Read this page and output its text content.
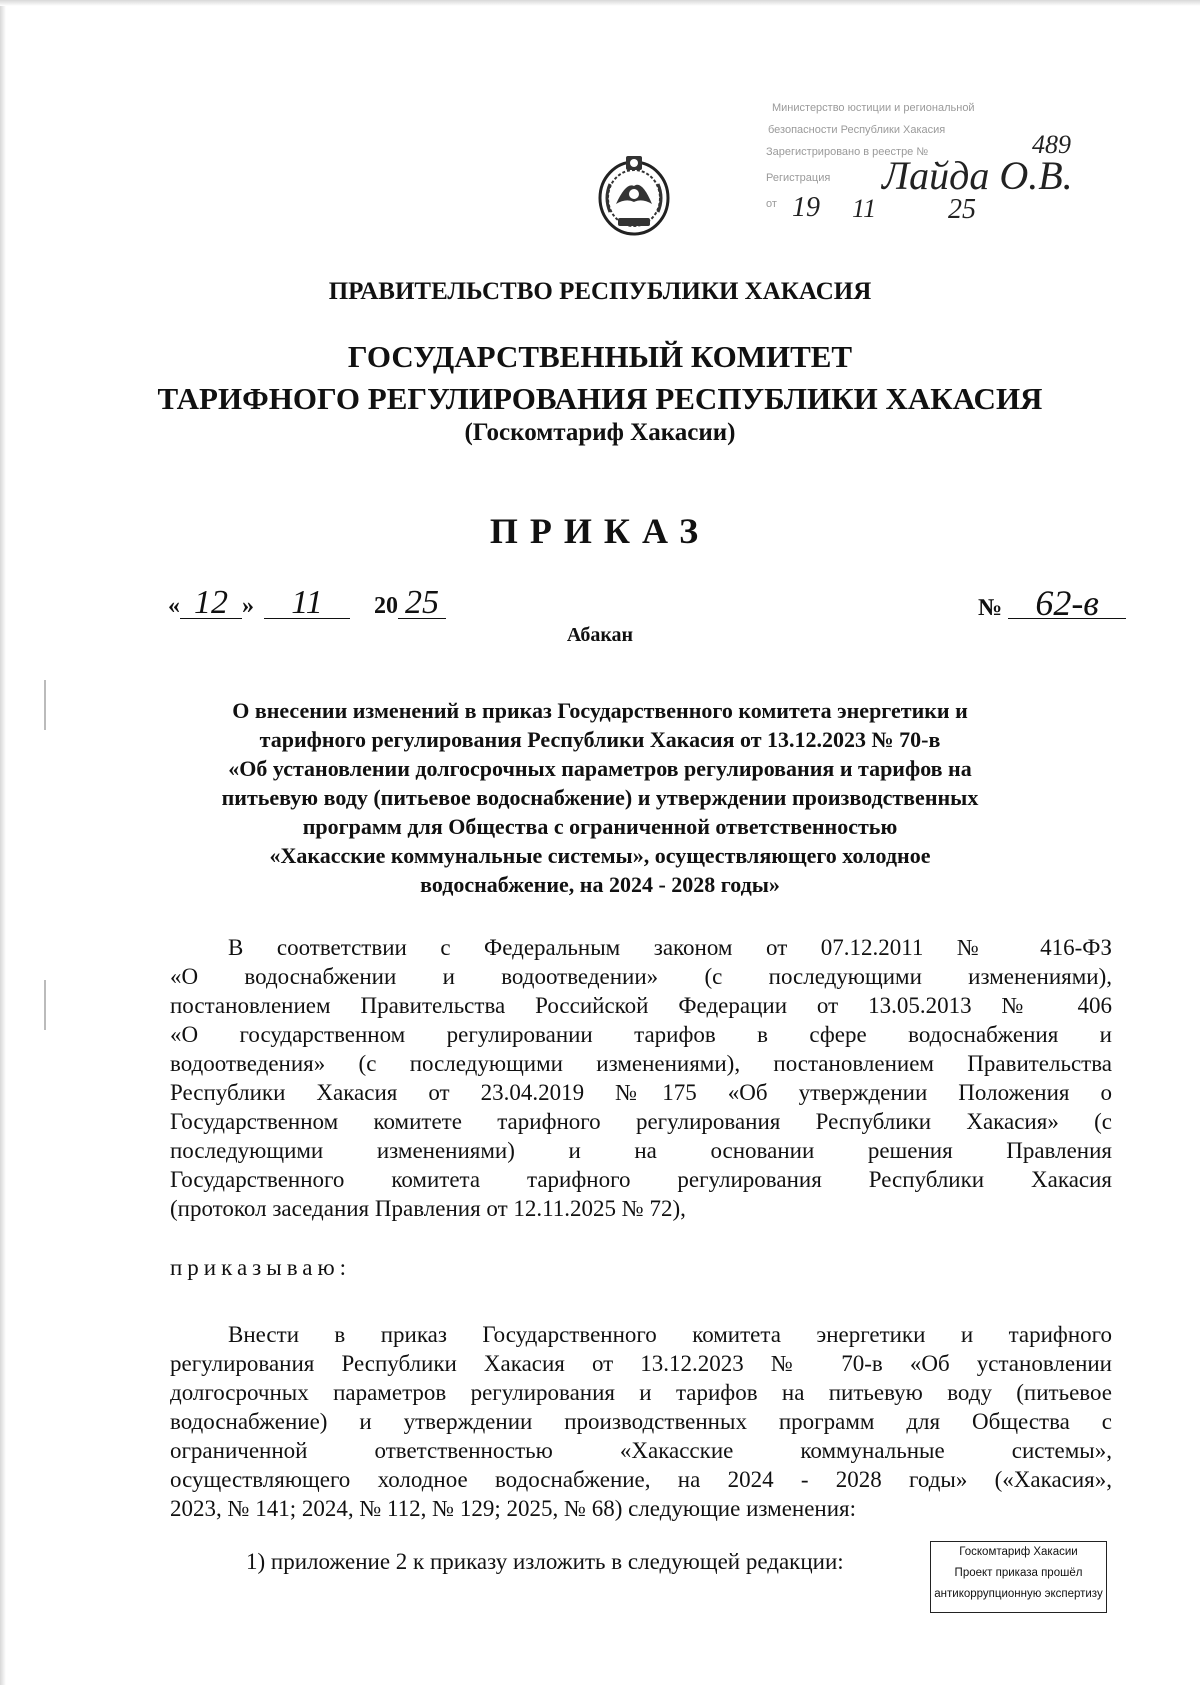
Министерство юстиции и региональной
безопасности Республики Хакасия
Зарегистрировано в реестре №
Регистрация
от
489
Лайда О.В.
19 11	25
ПРАВИТЕЛЬСТВО РЕСПУБЛИКИ ХАКАСИЯ
ГОСУДАРСТВЕННЫЙ КОМИТЕТ
ТАРИФНОГО РЕГУЛИРОВАНИЯ РЕСПУБЛИКИ ХАКАСИЯ
(Госкомтариф Хакасии)
ПРИКАЗ
« 12 » 11 20 25	№ 62-в
Абакан
О внесении изменений в приказ Государственного комитета энергетики и
тарифного регулирования Республики Хакасия от 13.12.2023 № 70-в
«Об установлении долгосрочных параметров регулирования и тарифов на
питьевую воду (питьевое водоснабжение) и утверждении производственных
программ для Общества с ограниченной ответственностью
«Хакасские коммунальные системы», осуществляющего холодное
водоснабжение, на 2024 - 2028 годы»
В соответствии с Федеральным законом от 07.12.2011 № 416-ФЗ
«О водоснабжении и водоотведении» (с последующими изменениями),
постановлением Правительства Российской Федерации от 13.05.2013 № 406
«О государственном регулировании тарифов в сфере водоснабжения и
водоотведения» (с последующими изменениями), постановлением Правительства
Республики Хакасия от 23.04.2019 №175 «Об утверждении Положения о
Государственном комитете тарифного регулирования Республики Хакасия» (с
последующими изменениями) и на основании решения Правления
Государственного комитета тарифного регулирования Республики Хакасия
(протокол заседания Правления от 12.11.2025 № 72),
приказываю:
Внести в приказ Государственного комитета энергетики и тарифного
регулирования Республики Хакасия от 13.12.2023 № 70-в «Об установлении
долгосрочных параметров регулирования и тарифов на питьевую воду (питьевое
водоснабжение) и утверждении производственных программ для Общества с
ограниченной ответственностью «Хакасские коммунальные системы»,
осуществляющего холодное водоснабжение, на 2024 - 2028 годы» («Хакасия»,
2023, № 141; 2024, № 112, № 129; 2025, № 68) следующие изменения:
1) приложение 2 к приказу изложить в следующей редакции:	Госкомтариф Хакасии
Проект приказа прошёл
антикоррупционную экспертизу
